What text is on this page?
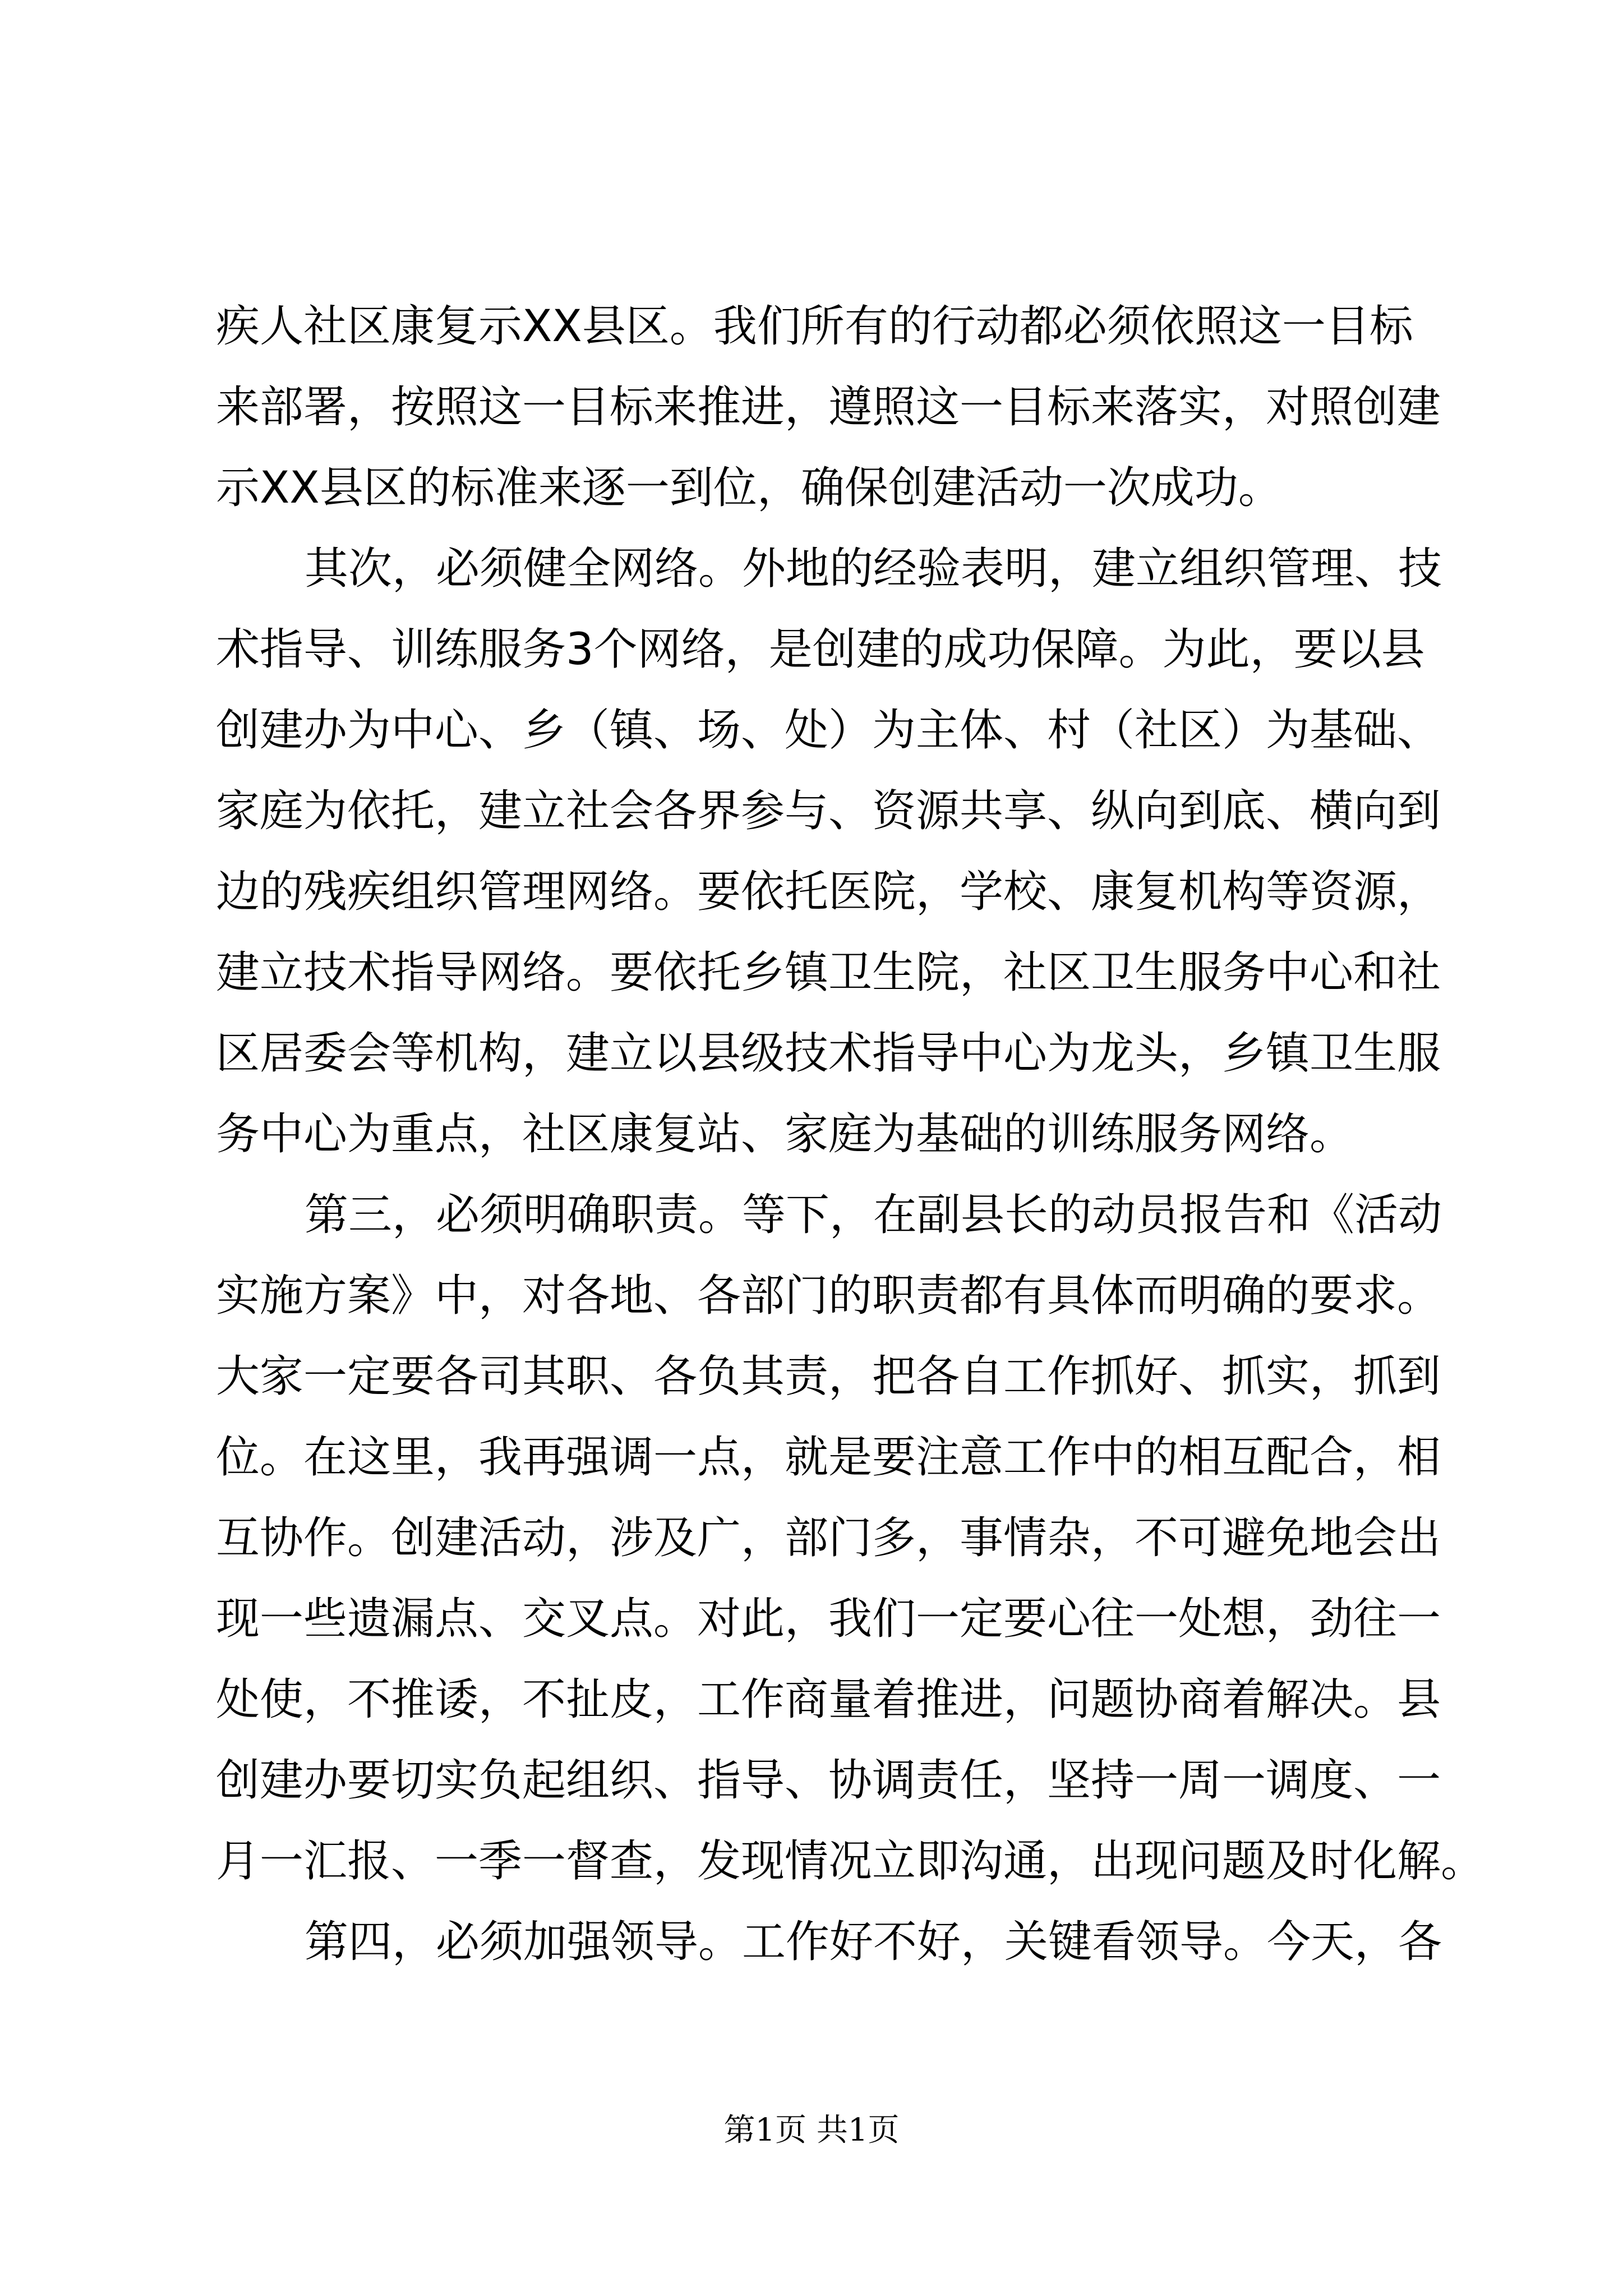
疾人社区康复示XX县区。我们所有的行动都必须依照这一目标
来部署，按照这一目标来推进，遵照这一目标来落实，对照创建
示XX县区的标准来逐一到位，确保创建活动一次成功。
其次，必须健全网络。外地的经验表明，建立组织管理、技
术指导、训练服务3个网络，是创建的成功保障。为此，要以县
创建办为中心、乡（镇、场、处）为主体、村（社区）为基础、
家庭为依托，建立社会各界参与、资源共享、纵向到底、横向到
边的残疾组织管理网络。要依托医院，学校、康复机构等资源，
建立技术指导网络。要依托乡镇卫生院，社区卫生服务中心和社
区居委会等机构，建立以县级技术指导中心为龙头，乡镇卫生服
务中心为重点，社区康复站、家庭为基础的训练服务网络。
第三，必须明确职责。等下，在副县长的动员报告和《活动
实施方案》中，对各地、各部门的职责都有具体而明确的要求。
大家一定要各司其职、各负其责，把各自工作抓好、抓实，抓到
位。在这里，我再强调一点，就是要注意工作中的相互配合，相
互协作。创建活动，涉及广，部门多，事情杂，不可避免地会出
现一些遗漏点、交叉点。对此，我们一定要心往一处想，劲往一
处使，不推诿，不扯皮，工作商量着推进，问题协商着解决。县
创建办要切实负起组织、指导、协调责任，坚持一周一调度、一
月一汇报、一季一督查，发现情况立即沟通，出现问题及时化解。
第四，必须加强领导。工作好不好，关键看领导。今天，各
第1页 共1页
